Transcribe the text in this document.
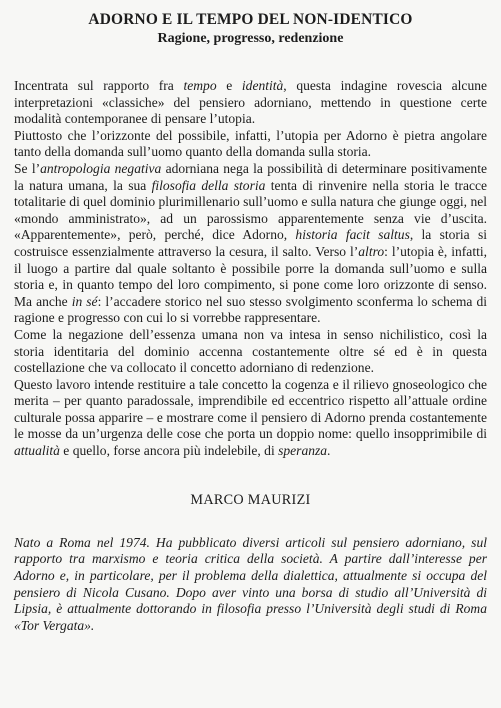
ADORNO E IL TEMPO DEL NON-IDENTICO
Ragione, progresso, redenzione

Incentrata sul rapporto fra tempo e identità, questa indagine rovescia alcune interpretazioni «classiche» del pensiero adorniano, mettendo in questione certe modalità contemporanee di pensare l’utopia.

Piuttosto che l’orizzonte del possibile, infatti, l’utopia per Adorno è pietra angolare tanto della domanda sull’uomo quanto della domanda sulla storia.

Se l’antropologia negativa adorniana nega la possibilità di determinare positivamente la natura umana, la sua filosofia della storia tenta di rinvenire nella storia le tracce totalitarie di quel dominio plurimillenario sull’uomo e sulla natura che giunge oggi, nel «mondo amministrato», ad un parossismo apparentemente senza vie d’uscita. «Apparentemente», però, perché, dice Adorno, historia facit saltus, la storia si costruisce essenzialmente attraverso la cesura, il salto. Verso l’altro: l’utopia è, infatti, il luogo a partire dal quale soltanto è possibile porre la domanda sull’uomo e sulla storia e, in quanto tempo del loro compimento, si pone come loro orizzonte di senso. Ma anche in sé: l’accadere storico nel suo stesso svolgimento sconferma lo schema di ragione e progresso con cui lo si vorrebbe rappresentare.

Come la negazione dell’essenza umana non va intesa in senso nichilistico, così la storia identitaria del dominio accenna costantemente oltre sé ed è in questa costellazione che va collocato il concetto adorniano di redenzione.

Questo lavoro intende restituire a tale concetto la cogenza e il rilievo gnoseologico che merita – per quanto paradossale, imprendibile ed eccentrico rispetto all’attuale ordine culturale possa apparire – e mostrare come il pensiero di Adorno prenda costantemente le mosse da un’urgenza delle cose che porta un doppio nome: quello insopprimibile di attualità e quello, forse ancora più indelebile, di speranza.

MARCO MAURIZI

Nato a Roma nel 1974. Ha pubblicato diversi articoli sul pensiero adorniano, sul rapporto tra marxismo e teoria critica della società. A partire dall’interesse per Adorno e, in particolare, per il problema della dialettica, attualmente si occupa del pensiero di Nicola Cusano. Dopo aver vinto una borsa di studio all’Università di Lipsia, è attualmente dottorando in filosofia presso l’Università degli studi di Roma «Tor Vergata».
